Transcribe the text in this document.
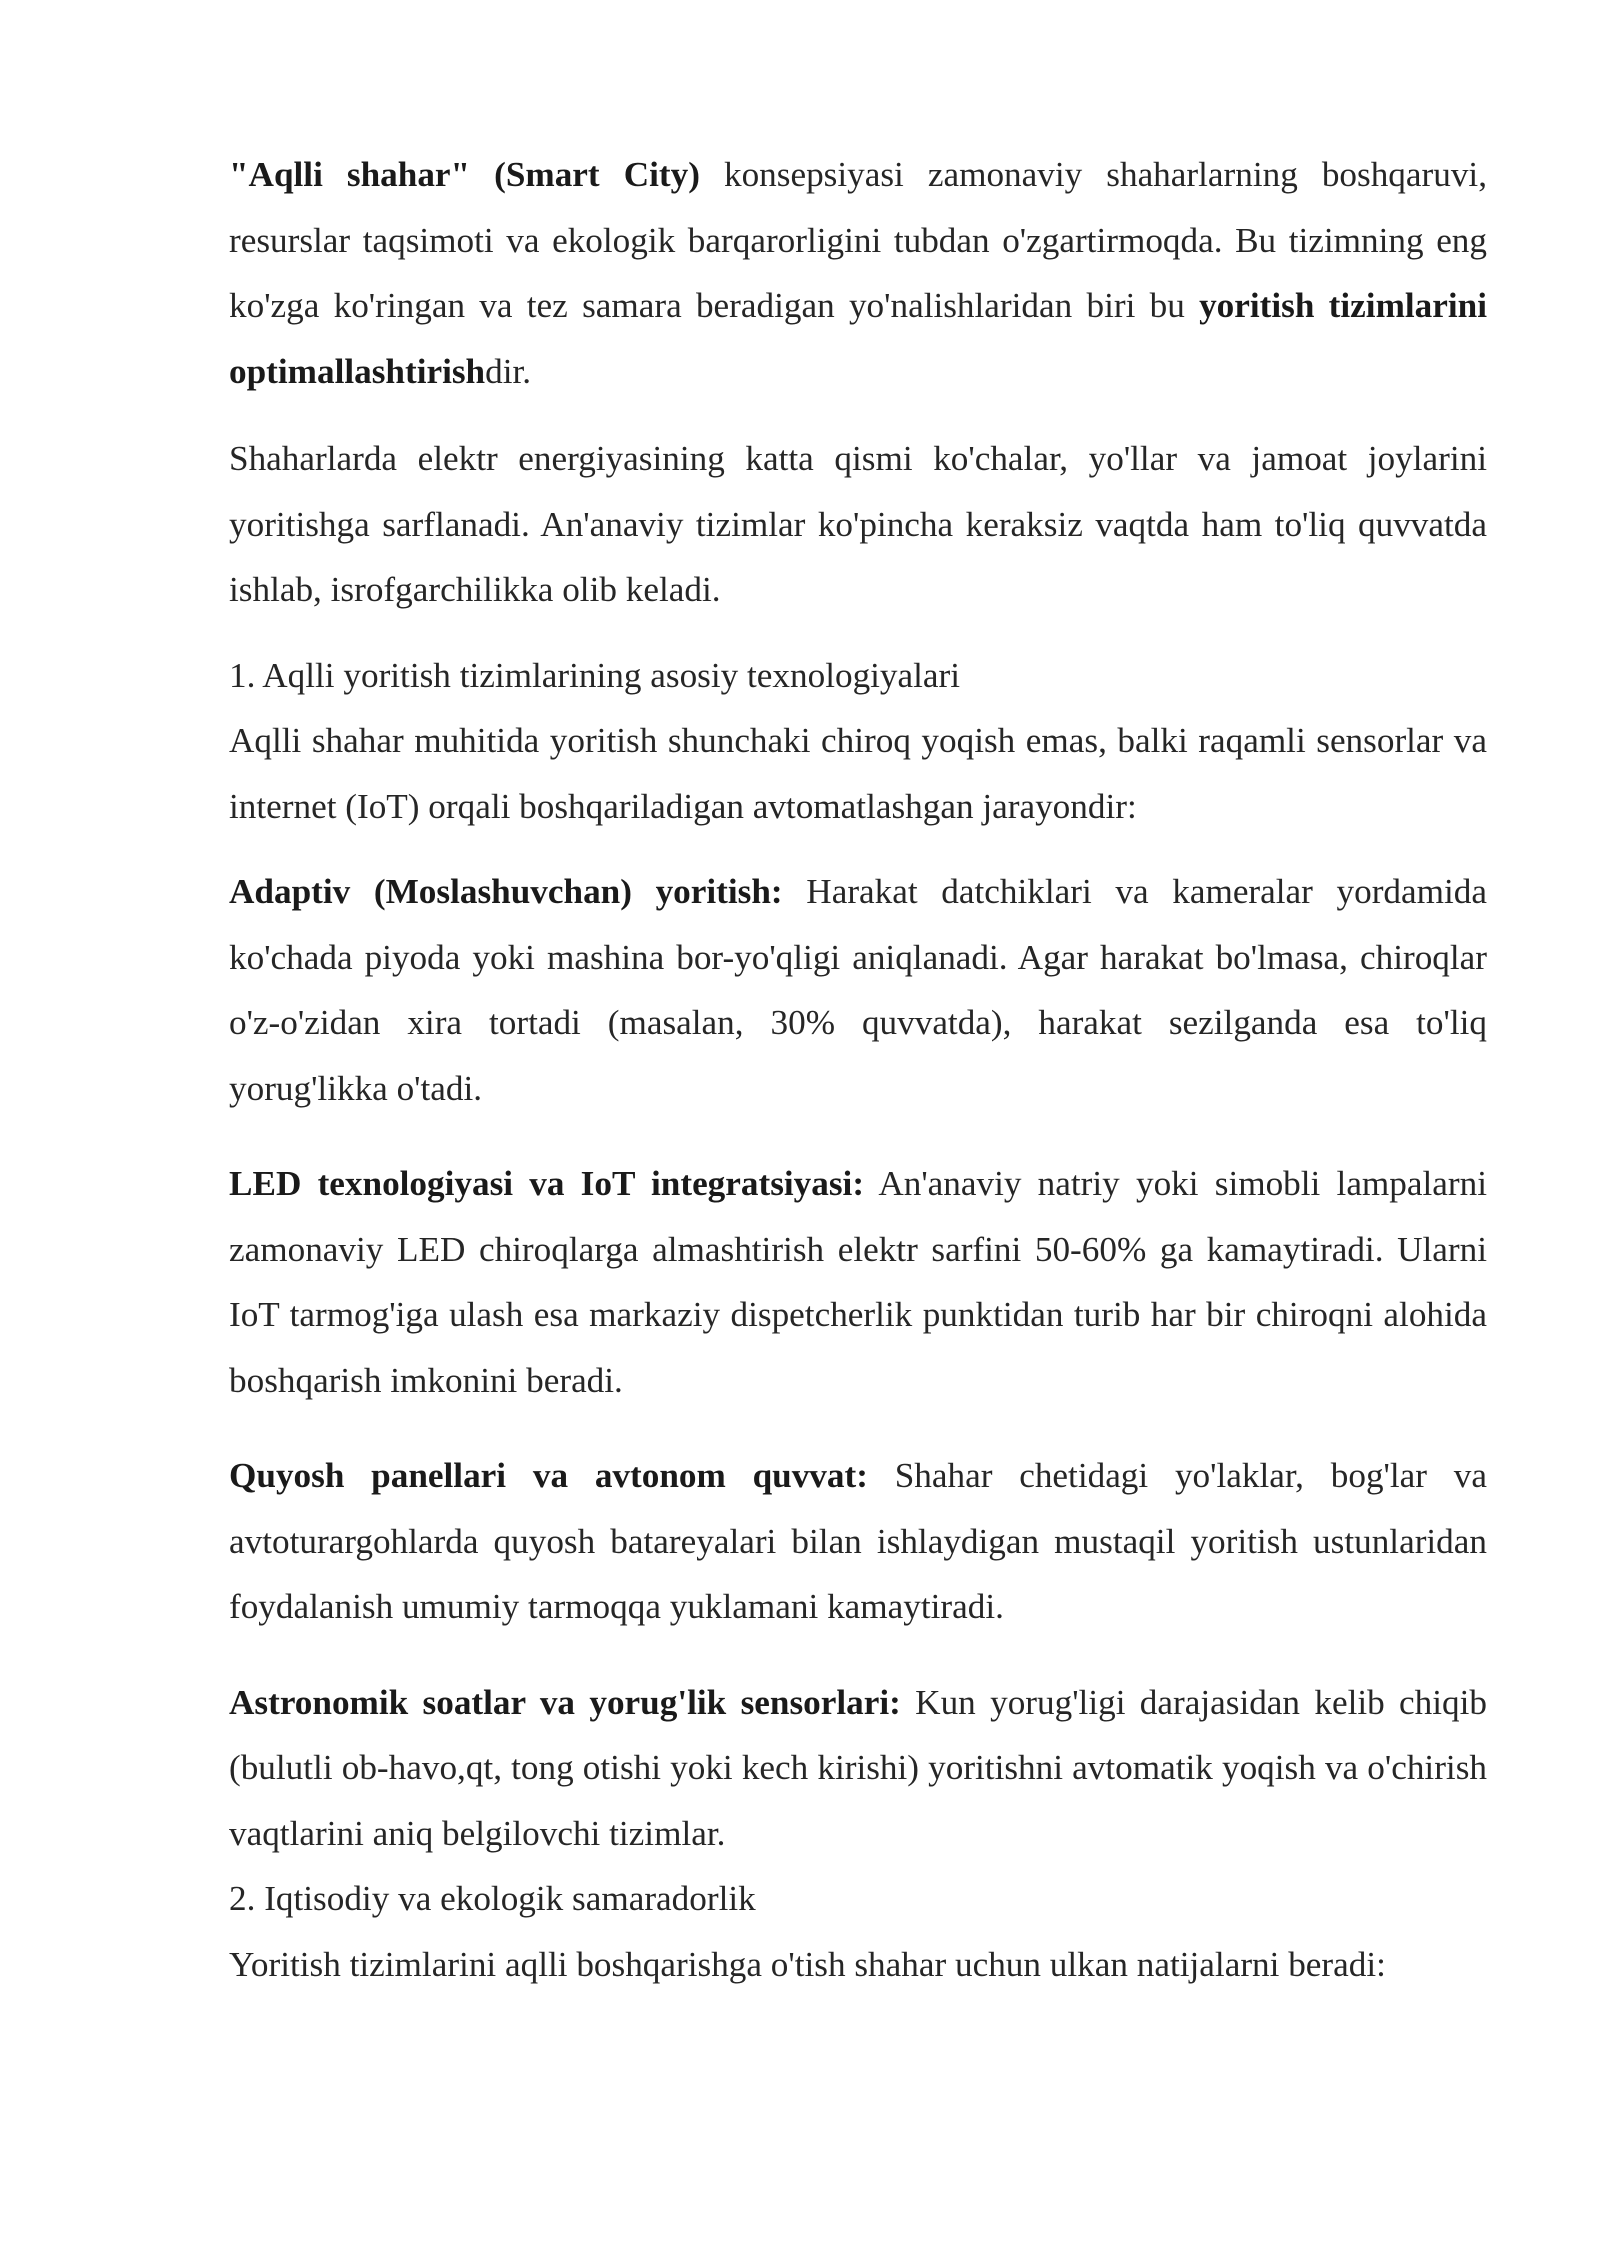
"Aqlli shahar" (Smart City) konsepsiyasi zamonaviy shaharlarning boshqaruvi, resurslar taqsimoti va ekologik barqarorligini tubdan o'zgartirmoqda. Bu tizimning eng ko'zga ko'ringan va tez samara beradigan yo'nalishlaridan biri bu yoritish tizimlarini optimallashtirishdir.

Shaharlarda elektr energiyasining katta qismi ko'chalar, yo'llar va jamoat joylarini yoritishga sarflanadi. An'anaviy tizimlar ko'pincha keraksiz vaqtda ham to'liq quvvatda ishlab, isrofgarchilikka olib keladi.

1. Aqlli yoritish tizimlarining asosiy texnologiyalari

Aqlli shahar muhitida yoritish shunchaki chiroq yoqish emas, balki raqamli sensorlar va internet (IoT) orqali boshqariladigan avtomatlashgan jarayondir:

Adaptiv (Moslashuvchan) yoritish: Harakat datchiklari va kameralar yordamida ko'chada piyoda yoki mashina bor-yo'qligi aniqlanadi. Agar harakat bo'lmasa, chiroqlar o'z-o'zidan xira tortadi (masalan, 30% quvvatda), harakat sezilganda esa to'liq yorug'likka o'tadi.

LED texnologiyasi va IoT integratsiyasi: An'anaviy natriy yoki simobli lampalarni zamonaviy LED chiroqlarga almashtirish elektr sarfini 50-60% ga kamaytiradi. Ularni IoT tarmog'iga ulash esa markaziy dispetcherlik punktidan turib har bir chiroqni alohida boshqarish imkonini beradi.

Quyosh panellari va avtonom quvvat: Shahar chetidagi yo'laklar, bog'lar va avtoturargohlarda quyosh batareyalari bilan ishlaydigan mustaqil yoritish ustunlaridan foydalanish umumiy tarmoqqa yuklamani kamaytiradi.

Astronomik soatlar va yorug'lik sensorlari: Kun yorug'ligi darajasidan kelib chiqib (bulutli ob-havo,qt, tong otishi yoki kech kirishi) yoritishni avtomatik yoqish va o'chirish vaqtlarini aniq belgilovchi tizimlar.

2. Iqtisodiy va ekologik samaradorlik

Yoritish tizimlarini aqlli boshqarishga o'tish shahar uchun ulkan natijalarni beradi:
